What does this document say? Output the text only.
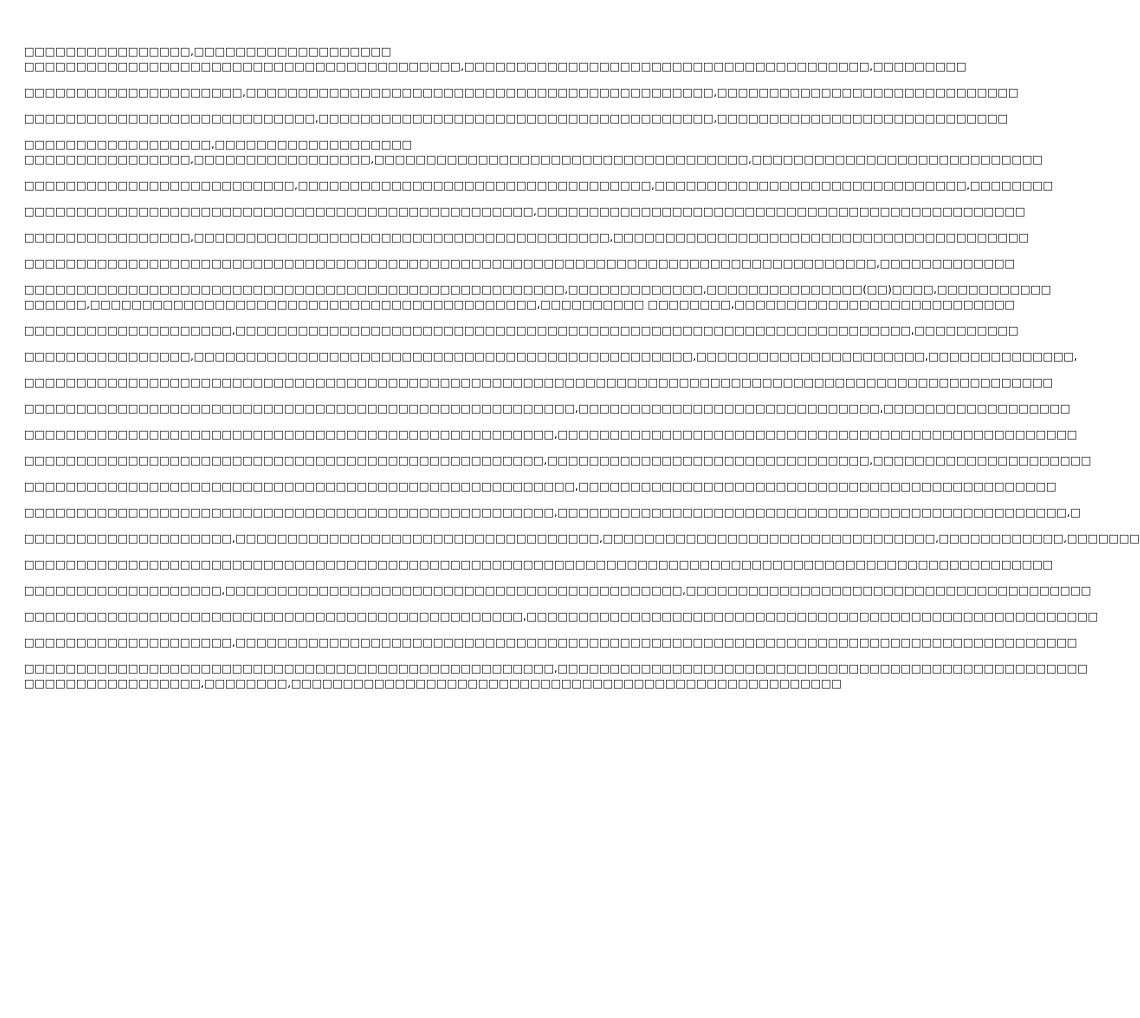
□□□□□□□□□□□□□□□□,□□□□□□□□□□□□□□□□□□□
□□□□□□□□□□□□□□□□□□□□□□□□□□□□□□□□□□□□□□□□□□,□□□□□□□□□□□□□□□□□□□□□□□□□□□□□□□□□□□□□□□,□□□□□□□□□
□□□□□□□□□□□□□□□□□□□□□,□□□□□□□□□□□□□□□□□□□□□□□□□□□□□□□□□□□□□□□□□□□□□,□□□□□□□□□□□□□□□□□□□□□□□□□□□□□
□□□□□□□□□□□□□□□□□□□□□□□□□□□□,□□□□□□□□□□□□□□□□□□□□□□□□□□□□□□□□□□□□□□,□□□□□□□□□□□□□□□□□□□□□□□□□□□□
□□□□□□□□□□□□□□□□□□,□□□□□□□□□□□□□□□□□□□
□□□□□□□□□□□□□□□□,□□□□□□□□□□□□□□□□□,□□□□□□□□□□□□□□□□□□□□□□□□□□□□□□□□□□□□,□□□□□□□□□□□□□□□□□□□□□□□□□□□□
□□□□□□□□□□□□□□□□□□□□□□□□□□,□□□□□□□□□□□□□□□□□□□□□□□□□□□□□□□□□□,□□□□□□□□□□□□□□□□□□□□□□□□□□□□□□,□□□□□□□□
□□□□□□□□□□□□□□□□□□□□□□□□□□□□□□□□□□□□□□□□□□□□□□□□□,□□□□□□□□□□□□□□□□□□□□□□□□□□□□□□□□□□□□□□□□□□□□□□□
□□□□□□□□□□□□□□□□,□□□□□□□□□□□□□□□□□□□□□□□□□□□□□□□□□□□□□□□□,□□□□□□□□□□□□□□□□□□□□□□□□□□□□□□□□□□□□□□□□
□□□□□□□□□□□□□□□□□□□□□□□□□□□□□□□□□□□□□□□□□□□□□□□□□□□□□□□□□□□□□□□□□□□□□□□□□□□□□□□□□□,□□□□□□□□□□□□□
□□□□□□□□□□□□□□□□□□□□□□□□□□□□□□□□□□□□□□□□□□□□□□□□□□□□,□□□□□□□□□□□□□,□□□□□□□□□□□□□□□(□□)□□□□,□□□□□□□□□□□
□□□□□□,□□□□□□□□□□□□□□□□□□□□□□□□□□□□□□□□□□□□□□□□□□□,□□□□□□□□□□ □□□□□□□□,□□□□□□□□□□□□□□□□□□□□□□□□□□□
□□□□□□□□□□□□□□□□□□□□,□□□□□□□□□□□□□□□□□□□□□□□□□□□□□□□□□□□□□□□□□□□□□□□□□□□□□□□□□□□□□□□□□,□□□□□□□□□□
□□□□□□□□□□□□□□□□,□□□□□□□□□□□□□□□□□□□□□□□□□□□□□□□□□□□□□□□□□□□□□□□□,□□□□□□□□□□□□□□□□□□□□□□,□□□□□□□□□□□□□□,
□□□□□□□□□□□□□□□□□□□□□□□□□□□□□□□□□□□□□□□□□□□□□□□□□□□□□□□□□□□□□□□□□□□□□□□□□□□□□□□□□□□□□□□□□□□□□□□□□□□
□□□□□□□□□□□□□□□□□□□□□□□□□□□□□□□□□□□□□□□□□□□□□□□□□□□□□,□□□□□□□□□□□□□□□□□□□□□□□□□□□□□,□□□□□□□□□□□□□□□□□□
□□□□□□□□□□□□□□□□□□□□□□□□□□□□□□□□□□□□□□□□□□□□□□□□□□□,□□□□□□□□□□□□□□□□□□□□□□□□□□□□□□□□□□□□□□□□□□□□□□□□□□
□□□□□□□□□□□□□□□□□□□□□□□□□□□□□□□□□□□□□□□□□□□□□□□□□□,□□□□□□□□□□□□□□□□□□□□□□□□□□□□□□□,□□□□□□□□□□□□□□□□□□□□□
□□□□□□□□□□□□□□□□□□□□□□□□□□□□□□□□□□□□□□□□□□□□□□□□□□□□□,□□□□□□□□□□□□□□□□□□□□□□□□□□□□□□□□□□□□□□□□□□□□□□
□□□□□□□□□□□□□□□□□□□□□□□□□□□□□□□□□□□□□□□□□□□□□□□□□□□,□□□□□□□□□□□□□□□□□□□□□□□□□□□□□□□□□□□□□□□□□□□□□□□□□,□
□□□□□□□□□□□□□□□□□□□□,□□□□□□□□□□□□□□□□□□□□□□□□□□□□□□□□□□□,□□□□□□□□□□□□□□□□□□□□□□□□□□□□□□□□,□□□□□□□□□□□□,□□□□□□□
□□□□□□□□□□□□□□□□□□□□□□□□□□□□□□□□□□□□□□□□□□□□□□□□□□□□□□□□□□□□□□□□□□□□□□□□□□□□□□□□□□□□□□□□□□□□□□□□□□□
□□□□□□□□□□□□□□□□□□□,□□□□□□□□□□□□□□□□□□□□□□□□□□□□□□□□□□□□□□□□□□□□,□□□□□□□□□□□□□□□□□□□□□□□□□□□□□□□□□□□□□□□
□□□□□□□□□□□□□□□□□□□□□□□□□□□□□□□□□□□□□□□□□□□□□□□□,□□□□□□□□□□□□□□□□□□□□□□□□□□□□□□□□□□□□□□□□□□□□□□□□□□□□□□□
□□□□□□□□□□□□□□□□□□□□,□□□□□□□□□□□□□□□□□□□□□□□□□□□□□□□□□□□□□□□□□□□□□□□□□□□□□□□□□□□□□□□□□□□□□□□□□□□□□□□□□
□□□□□□□□□□□□□□□□□□□□□□□□□□□□□□□□□□□□□□□□□□□□□□□□□□□,□□□□□□□□□□□□□□□□□□□□□□□□□□□□□□□□□□□□□□□□□□□□□□□□□□□
□□□□□□□□□□□□□□□□□,□□□□□□□□,□□□□□□□□□□□□□□□□□□□□□□□□□□□□□□□□□□□□□□□□□□□□□□□□□□□□□
